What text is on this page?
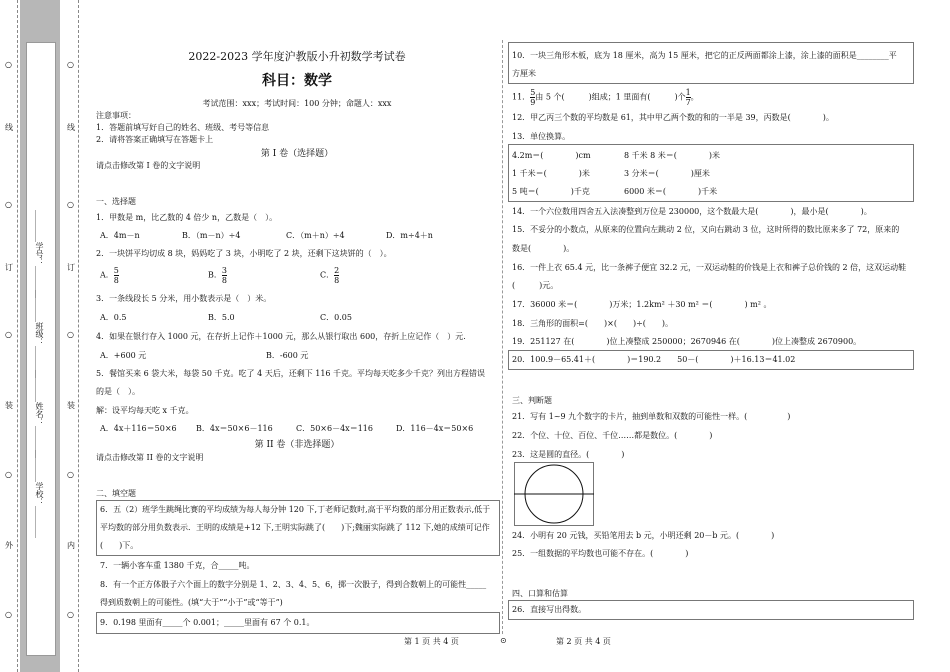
线
订
装
外
○
○
○
○
○
线
订
装
内
○
○
○
○
○
________学号：________
________班级：________
________姓名：________
________学校：________
2022-2023 学年度沪教版小升初数学考试卷
科目：数学
考试范围：xxx；考试时间：100 分钟；命题人：xxx
注意事项：
1．答题前填写好自己的姓名、班级、考号等信息
2．请将答案正确填写在答题卡上
第 I 卷（选择题）
请点击修改第 I 卷的文字说明
一、选择题
1．甲数是 m，比乙数的 4 倍少 n，乙数是（　）。
A．4m－n	B．（m－n）÷4	C．（m＋n）÷4	D．m÷4＋n
2．一块饼平均切成 8 块，妈妈吃了 3 块，小明吃了 2 块，还剩下这块饼的（　）。
A． $\frac{5}{8}$	B． $\frac{3}{8}$	C． $\frac{2}{8}$
3．一条线段长 5 分米，用小数表示是（　）米。
A．0.5	B．5.0	C．0.05
4．如果在银行存入 1000 元，在存折上记作＋1000 元，那么从银行取出 600，存折上应记作（　）元.
A．+600 元	B．-600 元
5．餐馆买来 6 袋大米，每袋 50 千克。吃了 4 天后，还剩下 116 千克。平均每天吃多少千克？列出方程错误
的是（　）。
解：设平均每天吃 x 千克。
A．4x＋116＝50×6 B．4x＝50×6－116	C．50×6－4x＝116	D．116－4x＝50×6
第 II 卷（非选择题）
请点击修改第 II 卷的文字说明
二、填空题
6．五（2）班学生跳绳比赛的平均成绩为每人每分钟 120 下,丁老师记数时,高于平均数的部分用正数表示,低于
平均数的部分用负数表示．王明的成绩是+12 下,王明实际跳了(　　)下;魏丽实际跳了 112 下,她的成绩可记作
(　　)下。
7．一辆小客车重 1380 千克，合_____吨。
8．有一个正方体骰子六个面上的数字分别是 1、2、3、4、5、6，掷一次骰子，得到合数朝上的可能性_____
得到质数朝上的可能性。(填“大于”“小于”或“等于”)
9．0.198 里面有_____个 0.001；_____里面有 67 个 0.1。
10．一块三角形木板，底为 18 厘米，高为 15 厘米，把它的正反两面都涂上漆，涂上漆的面积是________平
方厘米
11． $\frac{5}{9}$ 由 5 个(　　　)组成；1 里面有(　　　)个 $\frac{1}{7}$ 。
12．甲乙丙三个数的平均数是 61，其中甲乙两个数的和的一半是 39，丙数是(　　　　)。
13．单位换算。
4.2m＝(　　　　)cm	8 千米 8 米＝(　　　　)米
1 千米＝(　　　　)米	3 分米＝(　　　　)厘米
5 吨＝(　　　　)千克	6000 米＝(　　　　)千米
14．一个六位数用四舍五入法凑整到万位是 230000，这个数最大是(　　　　)，最小是(　　　　)。
15．不妥分的小数点，从原来的位置向左跳动 2 位，又向右跳动 3 位，这时所得的数比原来多了 72，原来的
数是(　　　　)。
16．一件上衣 65.4 元，比一条裤子便宜 32.2 元，一双运动鞋的价钱是上衣和裤子总价钱的 2 倍，这双运动鞋
(　　　)元。
17．36000 米＝(　　　　)万米；1.2km² ＋30 m² ＝(　　　　) m² 。
18．三角形的面积=(　　)×(　　)÷(　　)。
19．251127 在(　　　　)位上凑整成 250000；2670946 在(　　　　)位上凑整成 2670900。
20．100.9－65.41＋(　　　　)＝190.2　　50－(　　　　)＋16.13＝41.02
三、判断题
21．写有 1~9 九个数字的卡片，抽到单数和双数的可能性一样。(　　　　　)
22．个位、十位、百位、千位……都是数位。(　　　　)
23．这是圆的直径。(　　　　)
24．小明有 20 元钱，买铅笔用去 b 元，小明还剩 20－b 元。(　　　　)
25．一组数据的平均数也可能不存在。(　　　　)
四、口算和估算
26．直接写出得数。
第 1 页 共 4 页	⊙	第 2 页 共 4 页
